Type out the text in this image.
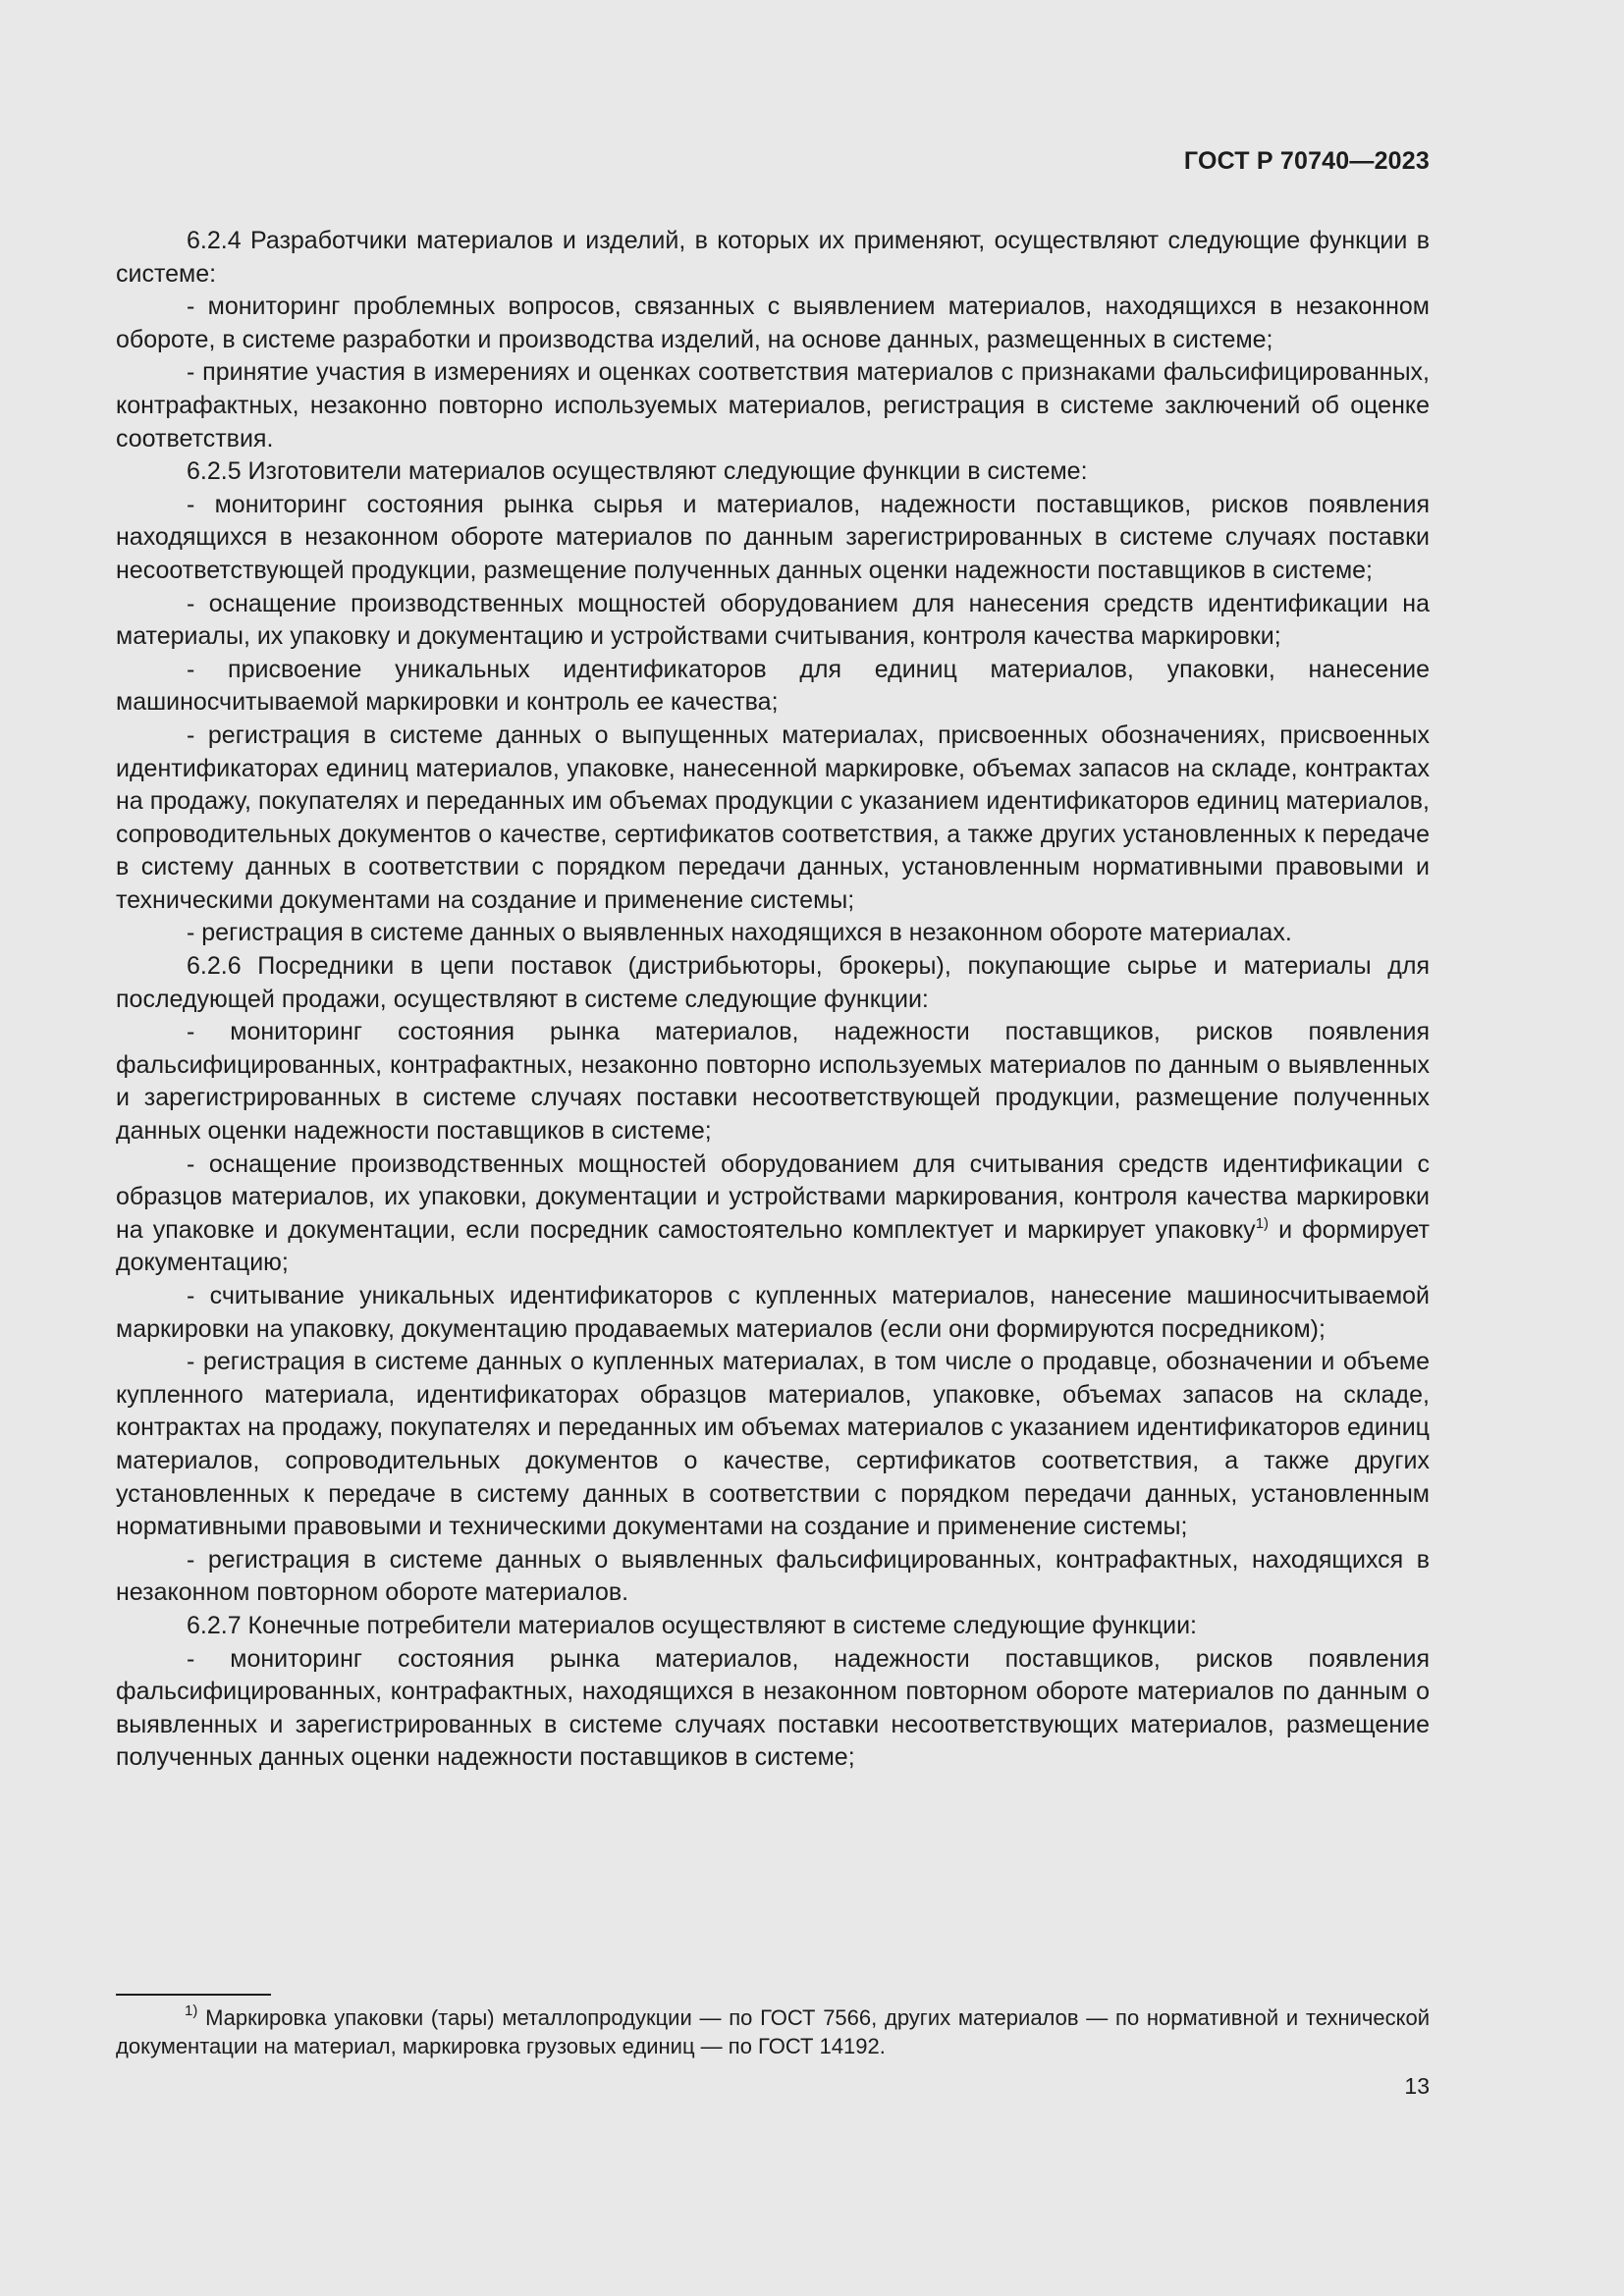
ГОСТ Р 70740—2023

6.2.4 Разработчики материалов и изделий, в которых их применяют, осуществляют следующие функции в системе:

- мониторинг проблемных вопросов, связанных с выявлением материалов, находящихся в незаконном обороте, в системе разработки и производства изделий, на основе данных, размещенных в системе;

- принятие участия в измерениях и оценках соответствия материалов с признаками фальсифицированных, контрафактных, незаконно повторно используемых материалов, регистрация в системе заключений об оценке соответствия.

6.2.5 Изготовители материалов осуществляют следующие функции в системе:

- мониторинг состояния рынка сырья и материалов, надежности поставщиков, рисков появления находящихся в незаконном обороте материалов по данным зарегистрированных в системе случаях поставки несоответствующей продукции, размещение полученных данных оценки надежности поставщиков в системе;

- оснащение производственных мощностей оборудованием для нанесения средств идентификации на материалы, их упаковку и документацию и устройствами считывания, контроля качества маркировки;

- присвоение уникальных идентификаторов для единиц материалов, упаковки, нанесение машиносчитываемой маркировки и контроль ее качества;

- регистрация в системе данных о выпущенных материалах, присвоенных обозначениях, присвоенных идентификаторах единиц материалов, упаковке, нанесенной маркировке, объемах запасов на складе, контрактах на продажу, покупателях и переданных им объемах продукции с указанием идентификаторов единиц материалов, сопроводительных документов о качестве, сертификатов соответствия, а также других установленных к передаче в систему данных в соответствии с порядком передачи данных, установленным нормативными правовыми и техническими документами на создание и применение системы;

- регистрация в системе данных о выявленных находящихся в незаконном обороте материалах.

6.2.6 Посредники в цепи поставок (дистрибьюторы, брокеры), покупающие сырье и материалы для последующей продажи, осуществляют в системе следующие функции:

- мониторинг состояния рынка материалов, надежности поставщиков, рисков появления фальсифицированных, контрафактных, незаконно повторно используемых материалов по данным о выявленных и зарегистрированных в системе случаях поставки несоответствующей продукции, размещение полученных данных оценки надежности поставщиков в системе;

- оснащение производственных мощностей оборудованием для считывания средств идентификации с образцов материалов, их упаковки, документации и устройствами маркирования, контроля качества маркировки на упаковке и документации, если посредник самостоятельно комплектует и маркирует упаковку$^{1)}$ и формирует документацию;

- считывание уникальных идентификаторов с купленных материалов, нанесение машиносчитываемой маркировки на упаковку, документацию продаваемых материалов (если они формируются посредником);

- регистрация в системе данных о купленных материалах, в том числе о продавце, обозначении и объеме купленного материала, идентификаторах образцов материалов, упаковке, объемах запасов на складе, контрактах на продажу, покупателях и переданных им объемах материалов с указанием идентификаторов единиц материалов, сопроводительных документов о качестве, сертификатов соответствия, а также других установленных к передаче в систему данных в соответствии с порядком передачи данных, установленным нормативными правовыми и техническими документами на создание и применение системы;

- регистрация в системе данных о выявленных фальсифицированных, контрафактных, находящихся в незаконном повторном обороте материалов.

6.2.7 Конечные потребители материалов осуществляют в системе следующие функции:

- мониторинг состояния рынка материалов, надежности поставщиков, рисков появления фальсифицированных, контрафактных, находящихся в незаконном повторном обороте материалов по данным о выявленных и зарегистрированных в системе случаях поставки несоответствующих материалов, размещение полученных данных оценки надежности поставщиков в системе;

$^{1)}$ Маркировка упаковки (тары) металлопродукции — по ГОСТ 7566, других материалов — по нормативной и технической документации на материал, маркировка грузовых единиц — по ГОСТ 14192.

13
